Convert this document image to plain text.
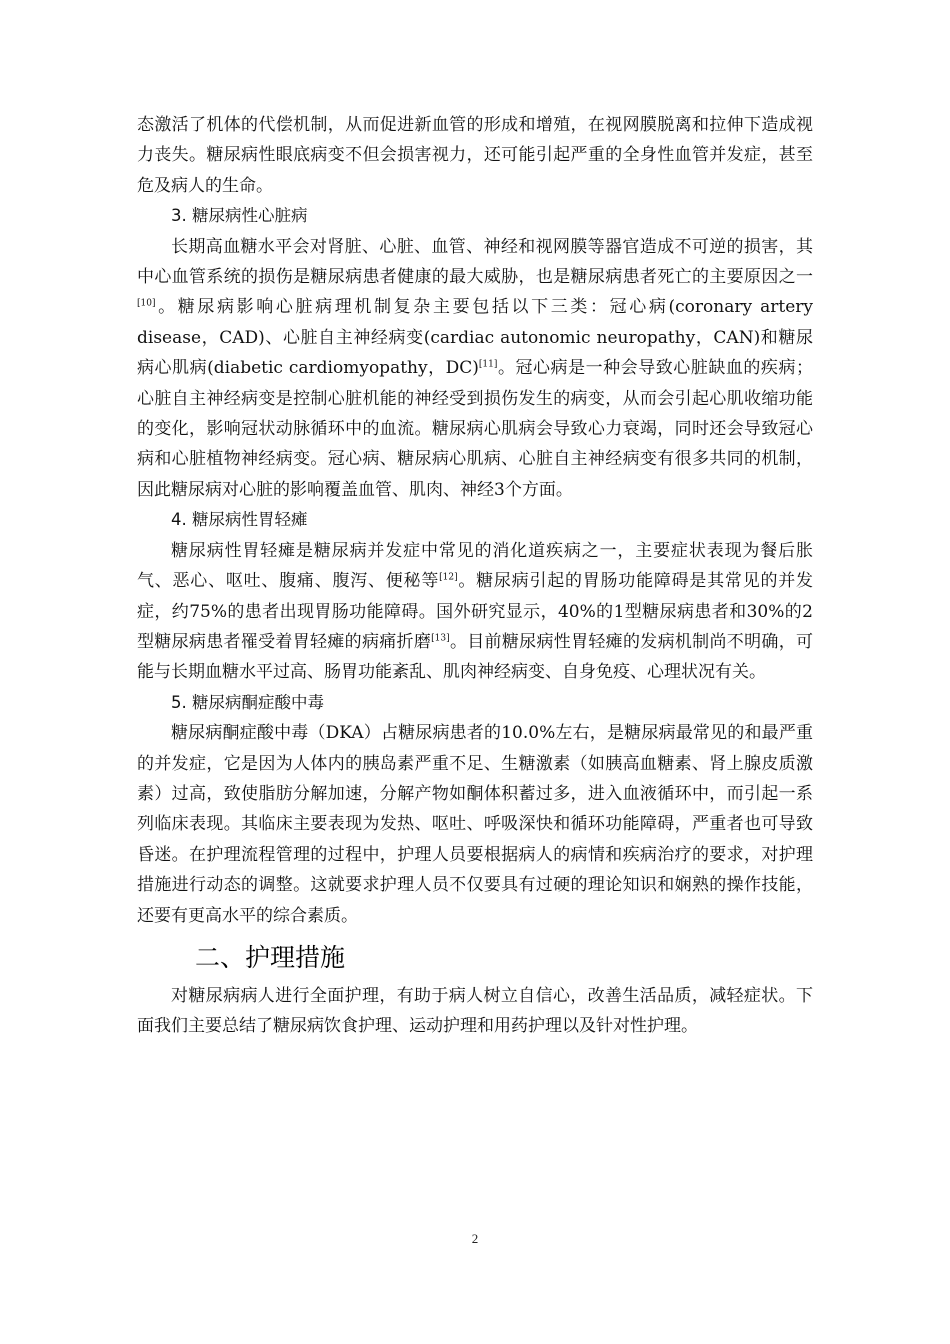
态激活了机体的代偿机制，从而促进新血管的形成和增殖，在视网膜脱离和拉伸下造成视力丧失。糖尿病性眼底病变不但会损害视力，还可能引起严重的全身性血管并发症，甚至危及病人的生命。

3. 糖尿病性心脏病

长期高血糖水平会对肾脏、心脏、血管、神经和视网膜等器官造成不可逆的损害，其中心血管系统的损伤是糖尿病患者健康的最大威胁，也是糖尿病患者死亡的主要原因之一[10]。糖尿病影响心脏病理机制复杂主要包括以下三类：冠心病(coronary artery disease，CAD)、心脏自主神经病变(cardiac autonomic neuropathy，CAN)和糖尿病心肌病(diabetic cardiomyopathy，DC)[11]。冠心病是一种会导致心脏缺血的疾病；心脏自主神经病变是控制心脏机能的神经受到损伤发生的病变，从而会引起心肌收缩功能的变化，影响冠状动脉循环中的血流。糖尿病心肌病会导致心力衰竭，同时还会导致冠心病和心脏植物神经病变。冠心病、糖尿病心肌病、心脏自主神经病变有很多共同的机制，因此糖尿病对心脏的影响覆盖血管、肌肉、神经3个方面。

4. 糖尿病性胃轻瘫

糖尿病性胃轻瘫是糖尿病并发症中常见的消化道疾病之一，主要症状表现为餐后胀气、恶心、呕吐、腹痛、腹泻、便秘等[12]。糖尿病引起的胃肠功能障碍是其常见的并发症，约75%的患者出现胃肠功能障碍。国外研究显示，40%的1型糖尿病患者和30%的2型糖尿病患者罹受着胃轻瘫的病痛折磨[13]。目前糖尿病性胃轻瘫的发病机制尚不明确，可能与长期血糖水平过高、肠胃功能紊乱、肌肉神经病变、自身免疫、心理状况有关。

5. 糖尿病酮症酸中毒

糖尿病酮症酸中毒（DKA）占糖尿病患者的10.0%左右，是糖尿病最常见的和最严重的并发症，它是因为人体内的胰岛素严重不足、生糖激素（如胰高血糖素、肾上腺皮质激素）过高，致使脂肪分解加速，分解产物如酮体积蓄过多，进入血液循环中，而引起一系列临床表现。其临床主要表现为发热、呕吐、呼吸深快和循环功能障碍，严重者也可导致昏迷。在护理流程管理的过程中，护理人员要根据病人的病情和疾病治疗的要求，对护理措施进行动态的调整。这就要求护理人员不仅要具有过硬的理论知识和娴熟的操作技能，还要有更高水平的综合素质。

二、护理措施

对糖尿病病人进行全面护理，有助于病人树立自信心，改善生活品质，减轻症状。下面我们主要总结了糖尿病饮食护理、运动护理和用药护理以及针对性护理。

2
